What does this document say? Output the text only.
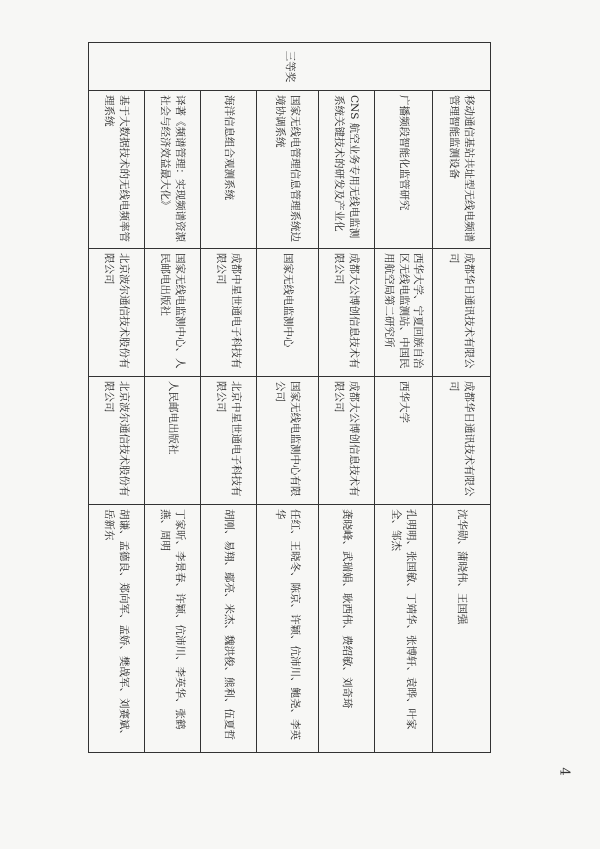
三等奖	移动通信基站共址型无线电频谱管理智能监测设备	成都华日通讯技术有限公司	成都华日通讯技术有限公司	沈华勋、蒲晓伟、王国强
	广播频段智能化监管研究	西华大学、宁夏回族自治区无线电监测站、中国民用航空局第二研究所	西华大学	孔明明、张国敏、丁靖华、张博轩、袁晔、叶家全、邹杰
	CNS 航空业务专用无线电监测系统关键技术的研发及产业化	成都大公博创信息技术有限公司	成都大公博创信息技术有限公司	龚晓峰、武瑞娟、耿西伟、费绍敏、刘奇琦
	国家无线电管理信息管理系统边境协调系统	国家无线电监测中心	国家无线电监测中心有限公司	任红、王晓冬、陈京、许颖、伉沛川、鲍尧、李英华
	海洋信息组合观测系统	成都中星世通电子科技有限公司	北京中星世通电子科技有限公司	胡刚、易翔、鄢亮、米杰、魏洪俊、熊利、伍夏哲
	译著《频谱管理：实现频谱资源社会与经济效益最大化》	国家无线电监测中心、人民邮电出版社	人民邮电出版社	丁家昕、李景春、许颖、伉沛川、李英华、张鹤燕、周明
	基于大数据技术的无线电频率管理系统	北京波尔通信技术股份有限公司	北京波尔通信技术股份有限公司	胡谦、孟德良、郑向军、孟娇、樊战军、刘赛斌、岳新东
4
